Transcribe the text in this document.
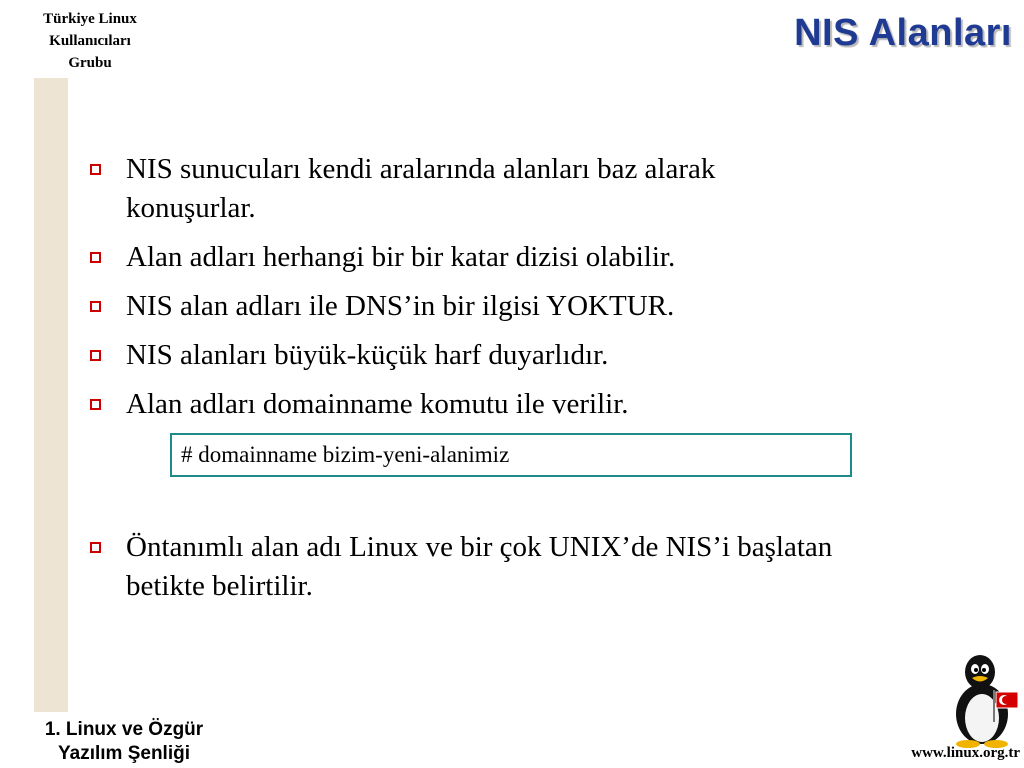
Türkiye Linux
Kullanıcıları
Grubu
NIS Alanları
NIS sunucuları kendi aralarında alanları baz alarak konuşurlar.
Alan adları herhangi bir bir katar dizisi olabilir.
NIS alan adları ile DNS’in bir ilgisi YOKTUR.
NIS alanları büyük-küçük harf duyarlıdır.
Alan adları domainname komutu ile verilir.
Öntanımlı alan adı Linux ve bir çok UNIX’de NIS’i başlatan betikte belirtilir.
# domainname bizim-yeni-alanimiz
1. Linux ve Özgür
Yazılım Şenliği	www.linux.org.tr
